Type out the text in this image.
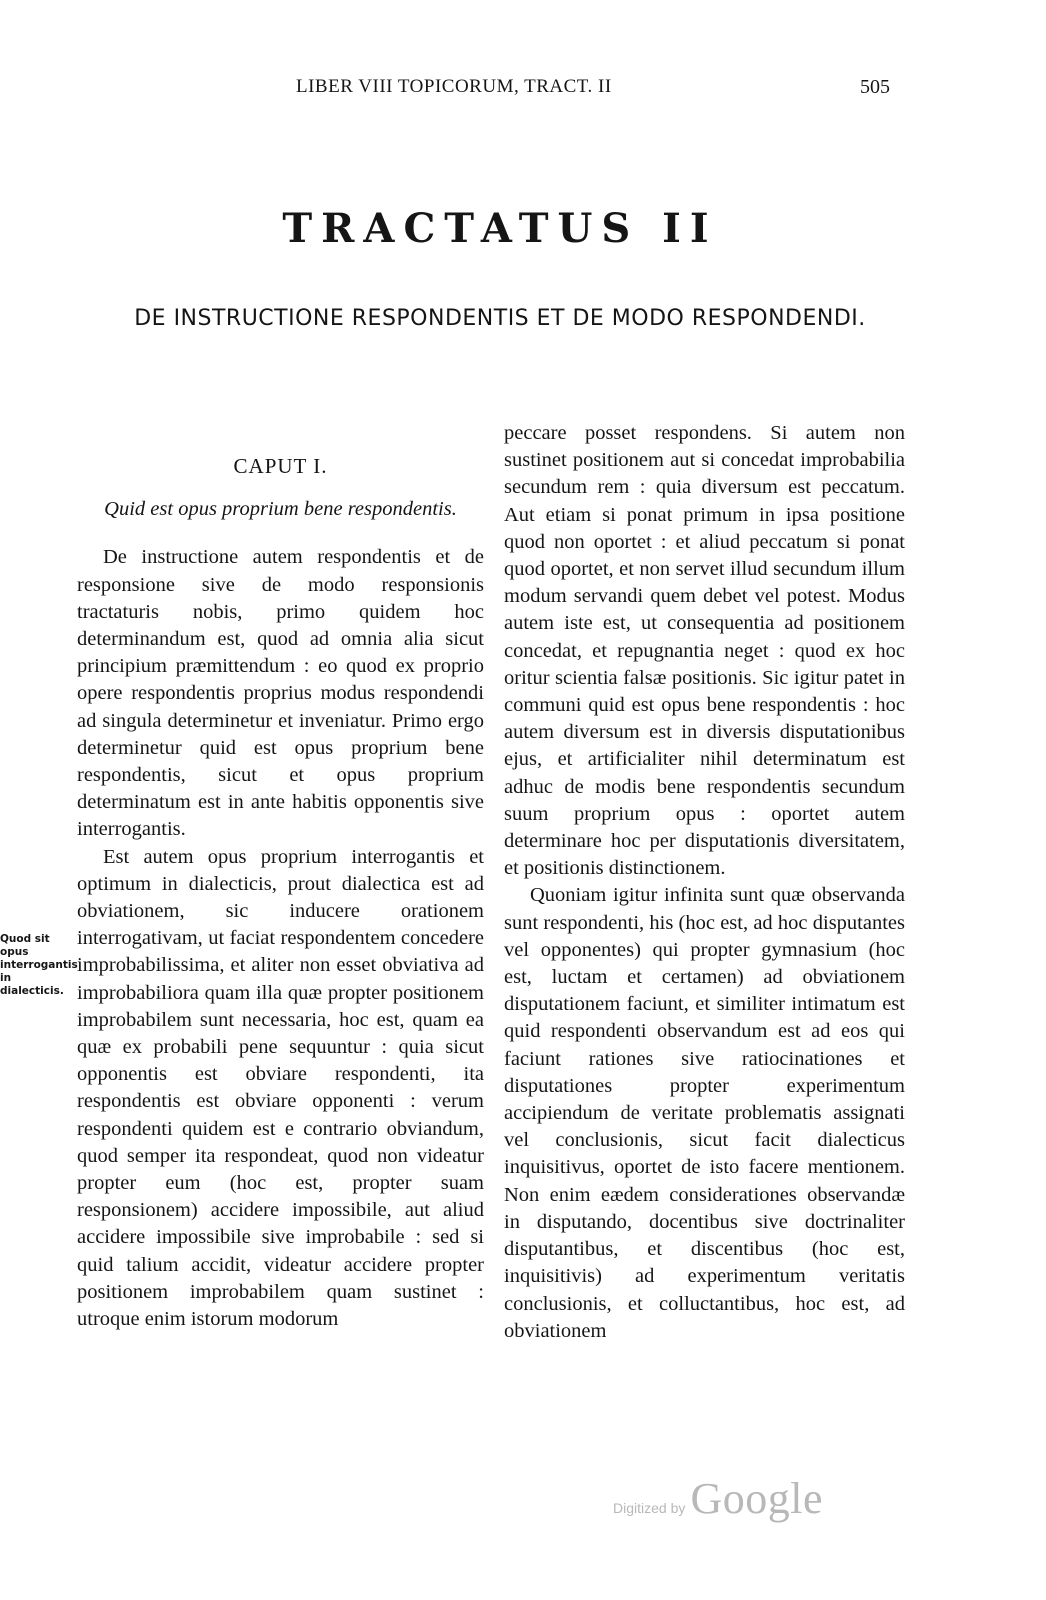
LIBER VIII TOPICORUM, TRACT. II	505
TRACTATUS II
DE INSTRUCTIONE RESPONDENTIS ET DE MODO RESPONDENDI.
CAPUT I.
Quid est opus proprium bene respondentis.

De instructione autem respondentis et de responsione sive de modo responsionis tractaturis nobis, primo quidem hoc determinandum est, quod ad omnia alia sicut principium præmittendum : eo quod ex proprio opere respondentis proprius modus respondendi ad singula determinetur et inveniatur. Primo ergo determinetur quid est opus proprium bene respondentis, sicut et opus proprium determinatum est in ante habitis opponentis sive interrogantis.

Est autem opus proprium interrogantis et optimum in dialecticis, prout dialectica est ad obviationem, sic inducere orationem interrogativam, ut faciat respondentem concedere improbabilissima, et aliter non esset obviativa ad improbabiliora quam illa quæ propter positionem improbabilem sunt necessaria, hoc est, quam ea quæ ex probabili pene sequuntur : quia sicut opponentis est obviare respondenti, ita respondentis est obviare opponenti : verum respondenti quidem est e contrario obviandum, quod semper ita respondeat, quod non videatur propter eum (hoc est, propter suam responsionem) accidere impossibile, aut aliud accidere impossibile sive improbabile : sed si quid talium accidit, videatur accidere propter positionem improbabilem quam sustinet : utroque enim istorum modorum

Quod sit opus interrogantis in dialecticis.

peccare posset respondens. Si autem non sustinet positionem aut si concedat improbabilia secundum rem : quia diversum est peccatum. Aut etiam si ponat primum in ipsa positione quod non oportet : et aliud peccatum si ponat quod oportet, et non servet illud secundum illum modum servandi quem debet vel potest. Modus autem iste est, ut consequentia ad positionem concedat, et repugnantia neget : quod ex hoc oritur scientia falsæ positionis. Sic igitur patet in communi quid est opus bene respondentis : hoc autem diversum est in diversis disputationibus ejus, et artificialiter nihil determinatum est adhuc de modis bene respondentis secundum suum proprium opus : oportet autem determinare hoc per disputationis diversitatem, et positionis distinctionem.

Quoniam igitur infinita sunt quæ observanda sunt respondenti, his (hoc est, ad hoc disputantes vel opponentes) qui propter gymnasium (hoc est, luctam et certamen) ad obviationem disputationem faciunt, et similiter intimatum est quid respondenti observandum est ad eos qui faciunt rationes sive ratiocinationes et disputationes propter experimentum accipiendum de veritate problematis assignati vel conclusionis, sicut facit dialecticus inquisitivus, oportet de isto facere mentionem. Non enim eædem considerationes observandæ in disputando, docentibus sive doctrinaliter disputantibus, et discentibus (hoc est, inquisitivis) ad experimentum veritatis conclusionis, et colluctantibus, hoc est, ad obviationem

Digitized by Google
